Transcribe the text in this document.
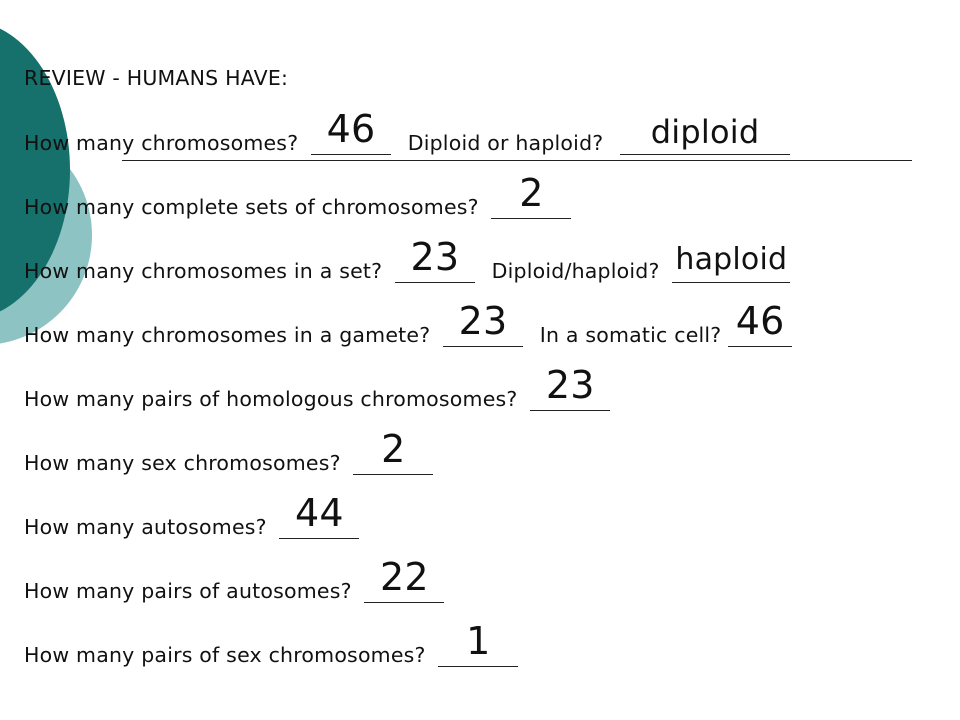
REVIEW - HUMANS HAVE:
How many chromosomes? 46	Diploid or haploid?	diploid
How many complete sets of chromosomes?	2
How many chromosomes in a set? 23	Diploid/haploid? haploid
How many chromosomes in a gamete? 23	In a somatic cell? 46
How many pairs of homologous chromosomes? 23
How many sex chromosomes?	2
How many autosomes? 44
How many pairs of autosomes? 22
How many pairs of sex chromosomes?	1
